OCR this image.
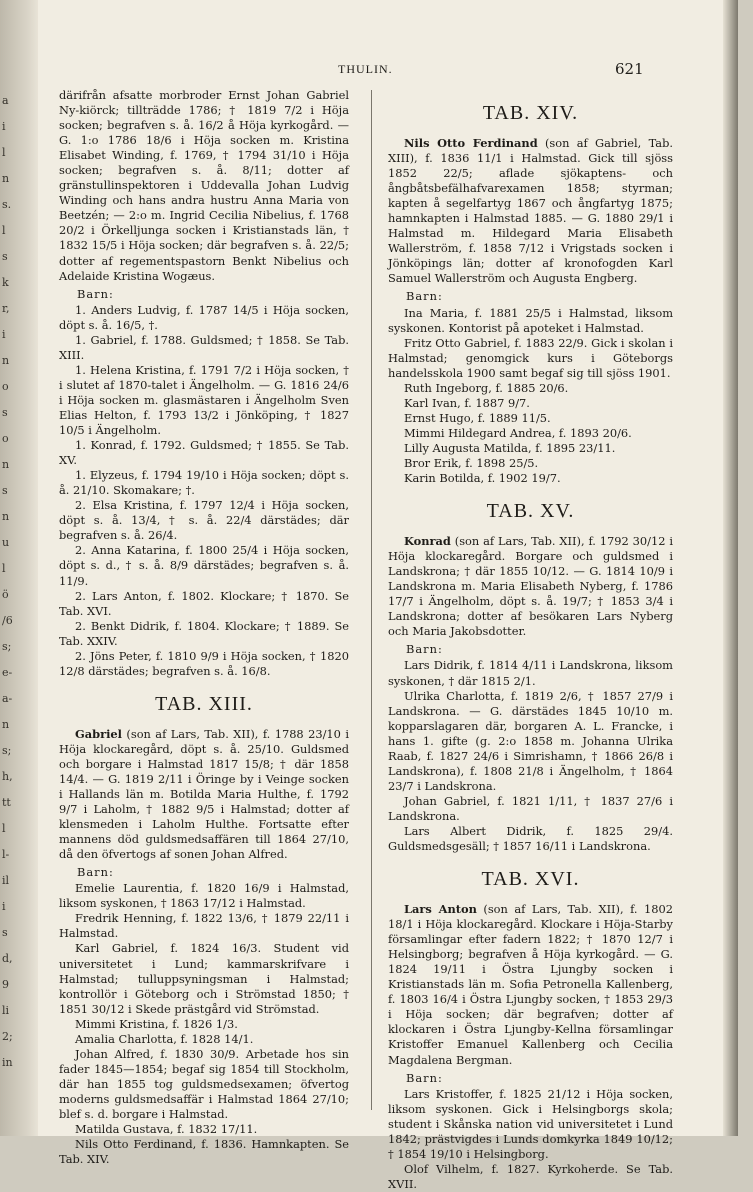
a
i
l
n
s.
l
s
k
r,
i
n
o
s
o
n
s
n
u
l
ö
/6
s;
e-
a-
n
s;
h,
tt
l
l-
il
i
s
d,
9
li
2;
in
THULIN.	621

därifrån afsatte morbroder Ernst Johan Gabriel Ny-kiörck; tillträdde 1786; † 1819 7/2 i Höja socken; begrafven s. å. 16/2 å Höja kyrkogård. — G. 1:o 1786 18/6 i Höja socken m. Kristina Elisabet Winding, f. 1769, † 1794 31/10 i Höja socken; begrafven s. å. 8/11; dotter af gränstullinspektoren i Uddevalla Johan Ludvig Winding och hans andra hustru Anna Maria von Beetzén; — 2:o m. Ingrid Cecilia Nibelius, f. 1768 20/2 i Örkelljunga socken i Kristianstads län, † 1832 15/5 i Höja socken; där begrafven s. å. 22/5; dotter af regementspastorn Benkt Nibelius och Adelaide Kristina Wogæus.

Barn:

1. Anders Ludvig, f. 1787 14/5 i Höja socken, döpt s. å. 16/5, †.

1. Gabriel, f. 1788. Guldsmed; † 1858. Se Tab. XIII.

1. Helena Kristina, f. 1791 7/2 i Höja socken, † i slutet af 1870-talet i Ängelholm. — G. 1816 24/6 i Höja socken m. glasmästaren i Ängelholm Sven Elias Helton, f. 1793 13/2 i Jönköping, † 1827 10/5 i Ängelholm.

1. Konrad, f. 1792. Guldsmed; † 1855. Se Tab. XV.

1. Elyzeus, f. 1794 19/10 i Höja socken; döpt s. å. 21/10. Skomakare; †.

2. Elsa Kristina, f. 1797 12/4 i Höja socken, döpt s. å. 13/4, † s. å. 22/4 därstädes; där begrafven s. å. 26/4.

2. Anna Katarina, f. 1800 25/4 i Höja socken, döpt s. d., † s. å. 8/9 därstädes; begrafven s. å. 11/9.

2. Lars Anton, f. 1802. Klockare; † 1870. Se Tab. XVI.

2. Benkt Didrik, f. 1804. Klockare; † 1889. Se Tab. XXIV.

2. Jöns Peter, f. 1810 9/9 i Höja socken, † 1820 12/8 därstädes; begrafven s. å. 16/8.

TAB. XIII.

Gabriel (son af Lars, Tab. XII), f. 1788 23/10 i Höja klockaregård, döpt s. å. 25/10. Guldsmed och borgare i Halmstad 1817 15/8; † där 1858 14/4. — G. 1819 2/11 i Öringe by i Veinge socken i Hallands län m. Botilda Maria Hulthe, f. 1792 9/7 i Laholm, † 1882 9/5 i Halmstad; dotter af klensmeden i Laholm Hulthe. Fortsatte efter mannens död guldsmedsaffären till 1864 27/10, då den öfvertogs af sonen Johan Alfred.

Barn:

Emelie Laurentia, f. 1820 16/9 i Halmstad, liksom syskonen, † 1863 17/12 i Halmstad.

Fredrik Henning, f. 1822 13/6, † 1879 22/11 i Halmstad.

Karl Gabriel, f. 1824 16/3. Student vid universitetet i Lund; kammarskrifvare i Halmstad; tulluppsyningsman i Halmstad; kontrollör i Göteborg och i Strömstad 1850; † 1851 30/12 i Skede prästgård vid Strömstad.

Mimmi Kristina, f. 1826 1/3.

Amalia Charlotta, f. 1828 14/1.

Johan Alfred, f. 1830 30/9. Arbetade hos sin fader 1845—1854; begaf sig 1854 till Stockholm, där han 1855 tog guldsmedsexamen; öfvertog moderns guldsmedsaffär i Halmstad 1864 27/10; blef s. d. borgare i Halmstad.

Matilda Gustava, f. 1832 17/11.

Nils Otto Ferdinand, f. 1836. Hamnkapten. Se Tab. XIV.

TAB. XIV.

Nils Otto Ferdinand (son af Gabriel, Tab. XIII), f. 1836 11/1 i Halmstad. Gick till sjöss 1852 22/5; aflade sjökaptens- och ångbåtsbefälhafvarexamen 1858; styrman; kapten å segelfartyg 1867 och ångfartyg 1875; hamnkapten i Halmstad 1885. — G. 1880 29/1 i Halmstad m. Hildegard Maria Elisabeth Wallerström, f. 1858 7/12 i Vrigstads socken i Jönköpings län; dotter af kronofogden Karl Samuel Wallerström och Augusta Engberg.

Barn:

Ina Maria, f. 1881 25/5 i Halmstad, liksom syskonen. Kontorist på apoteket i Halmstad.

Fritz Otto Gabriel, f. 1883 22/9. Gick i skolan i Halmstad; genomgick kurs i Göteborgs handelsskola 1900 samt begaf sig till sjöss 1901.

Ruth Ingeborg, f. 1885 20/6.

Karl Ivan, f. 1887 9/7.

Ernst Hugo, f. 1889 11/5.

Mimmi Hildegard Andrea, f. 1893 20/6.

Lilly Augusta Matilda, f. 1895 23/11.

Bror Erik, f. 1898 25/5.

Karin Botilda, f. 1902 19/7.

TAB. XV.

Konrad (son af Lars, Tab. XII), f. 1792 30/12 i Höja klockaregård. Borgare och guldsmed i Landskrona; † där 1855 10/12. — G. 1814 10/9 i Landskrona m. Maria Elisabeth Nyberg, f. 1786 17/7 i Ängelholm, döpt s. å. 19/7; † 1853 3/4 i Landskrona; dotter af besökaren Lars Nyberg och Maria Jakobsdotter.

Barn:

Lars Didrik, f. 1814 4/11 i Landskrona, liksom syskonen, † där 1815 2/1.

Ulrika Charlotta, f. 1819 2/6, † 1857 27/9 i Landskrona. — G. därstädes 1845 10/10 m. kopparslagaren där, borgaren A. L. Francke, i hans 1. gifte (g. 2:o 1858 m. Johanna Ulrika Raab, f. 1827 24/6 i Simrishamn, † 1866 26/8 i Landskrona), f. 1808 21/8 i Ängelholm, † 1864 23/7 i Landskrona.

Johan Gabriel, f. 1821 1/11, † 1837 27/6 i Landskrona.

Lars Albert Didrik, f. 1825 29/4. Guldsmedsgesäll; † 1857 16/11 i Landskrona.

TAB. XVI.

Lars Anton (son af Lars, Tab. XII), f. 1802 18/1 i Höja klockaregård. Klockare i Höja-Starby församlingar efter fadern 1822; † 1870 12/7 i Helsingborg; begrafven å Höja kyrkogård. — G. 1824 19/11 i Östra Ljungby socken i Kristianstads län m. Sofia Petronella Kallenberg, f. 1803 16/4 i Östra Ljungby socken, † 1853 29/3 i Höja socken; där begrafven; dotter af klockaren i Östra Ljungby-Kellna församlingar Kristoffer Emanuel Kallenberg och Cecilia Magdalena Bergman.

Barn:

Lars Kristoffer, f. 1825 21/12 i Höja socken, liksom syskonen. Gick i Helsingborgs skola; student i Skånska nation vid universitetet i Lund 1842; prästvigdes i Lunds domkyrka 1849 10/12; † 1854 19/10 i Helsingborg.

Olof Vilhelm, f. 1827. Kyrkoherde. Se Tab. XVII.
